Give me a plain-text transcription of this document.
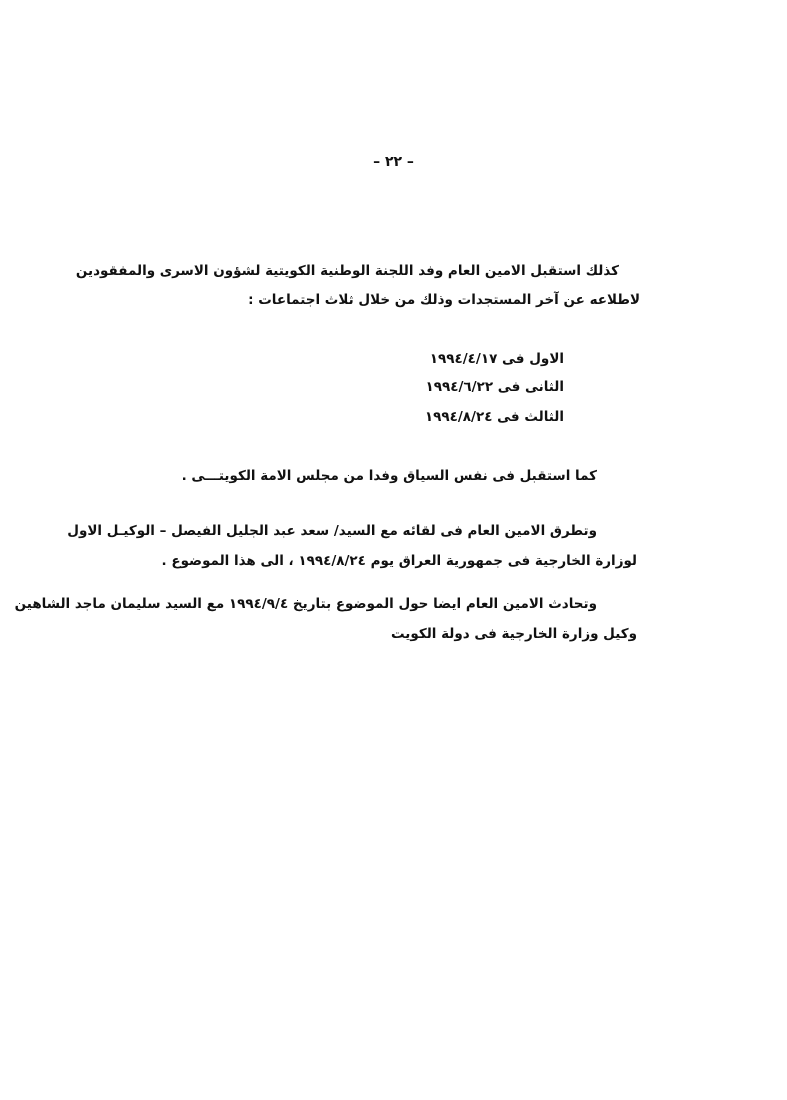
– ٢٢ –
كذلك استقبل الامين العام وفد اللجنة الوطنية الكويتية لشؤون الاسرى والمفقودين
لاطلاعه عن آخر المستجدات وذلك من خلال ثلاث اجتماعات :
الاول فى ١٩٩٤/٤/١٧
الثانى فى ١٩٩٤/٦/٢٢
الثالث فى ١٩٩٤/٨/٢٤
كما استقبل فى نفس السياق وفدا من مجلس الامة الكويتـــى .
وتطرق الامين العام فى لقائه مع السيد/ سعد عبد الجليل الفيصل – الوكيـل الاول
لوزارة الخارجية فى جمهورية العراق يوم ١٩٩٤/٨/٢٤ ، الى هذا الموضوع .
وتحادث الامين العام ايضا حول الموضوع بتاريخ ١٩٩٤/٩/٤ مع السيد سليمان ماجد الشاهين
وكيل وزارة الخارجية فى دولة الكويت
